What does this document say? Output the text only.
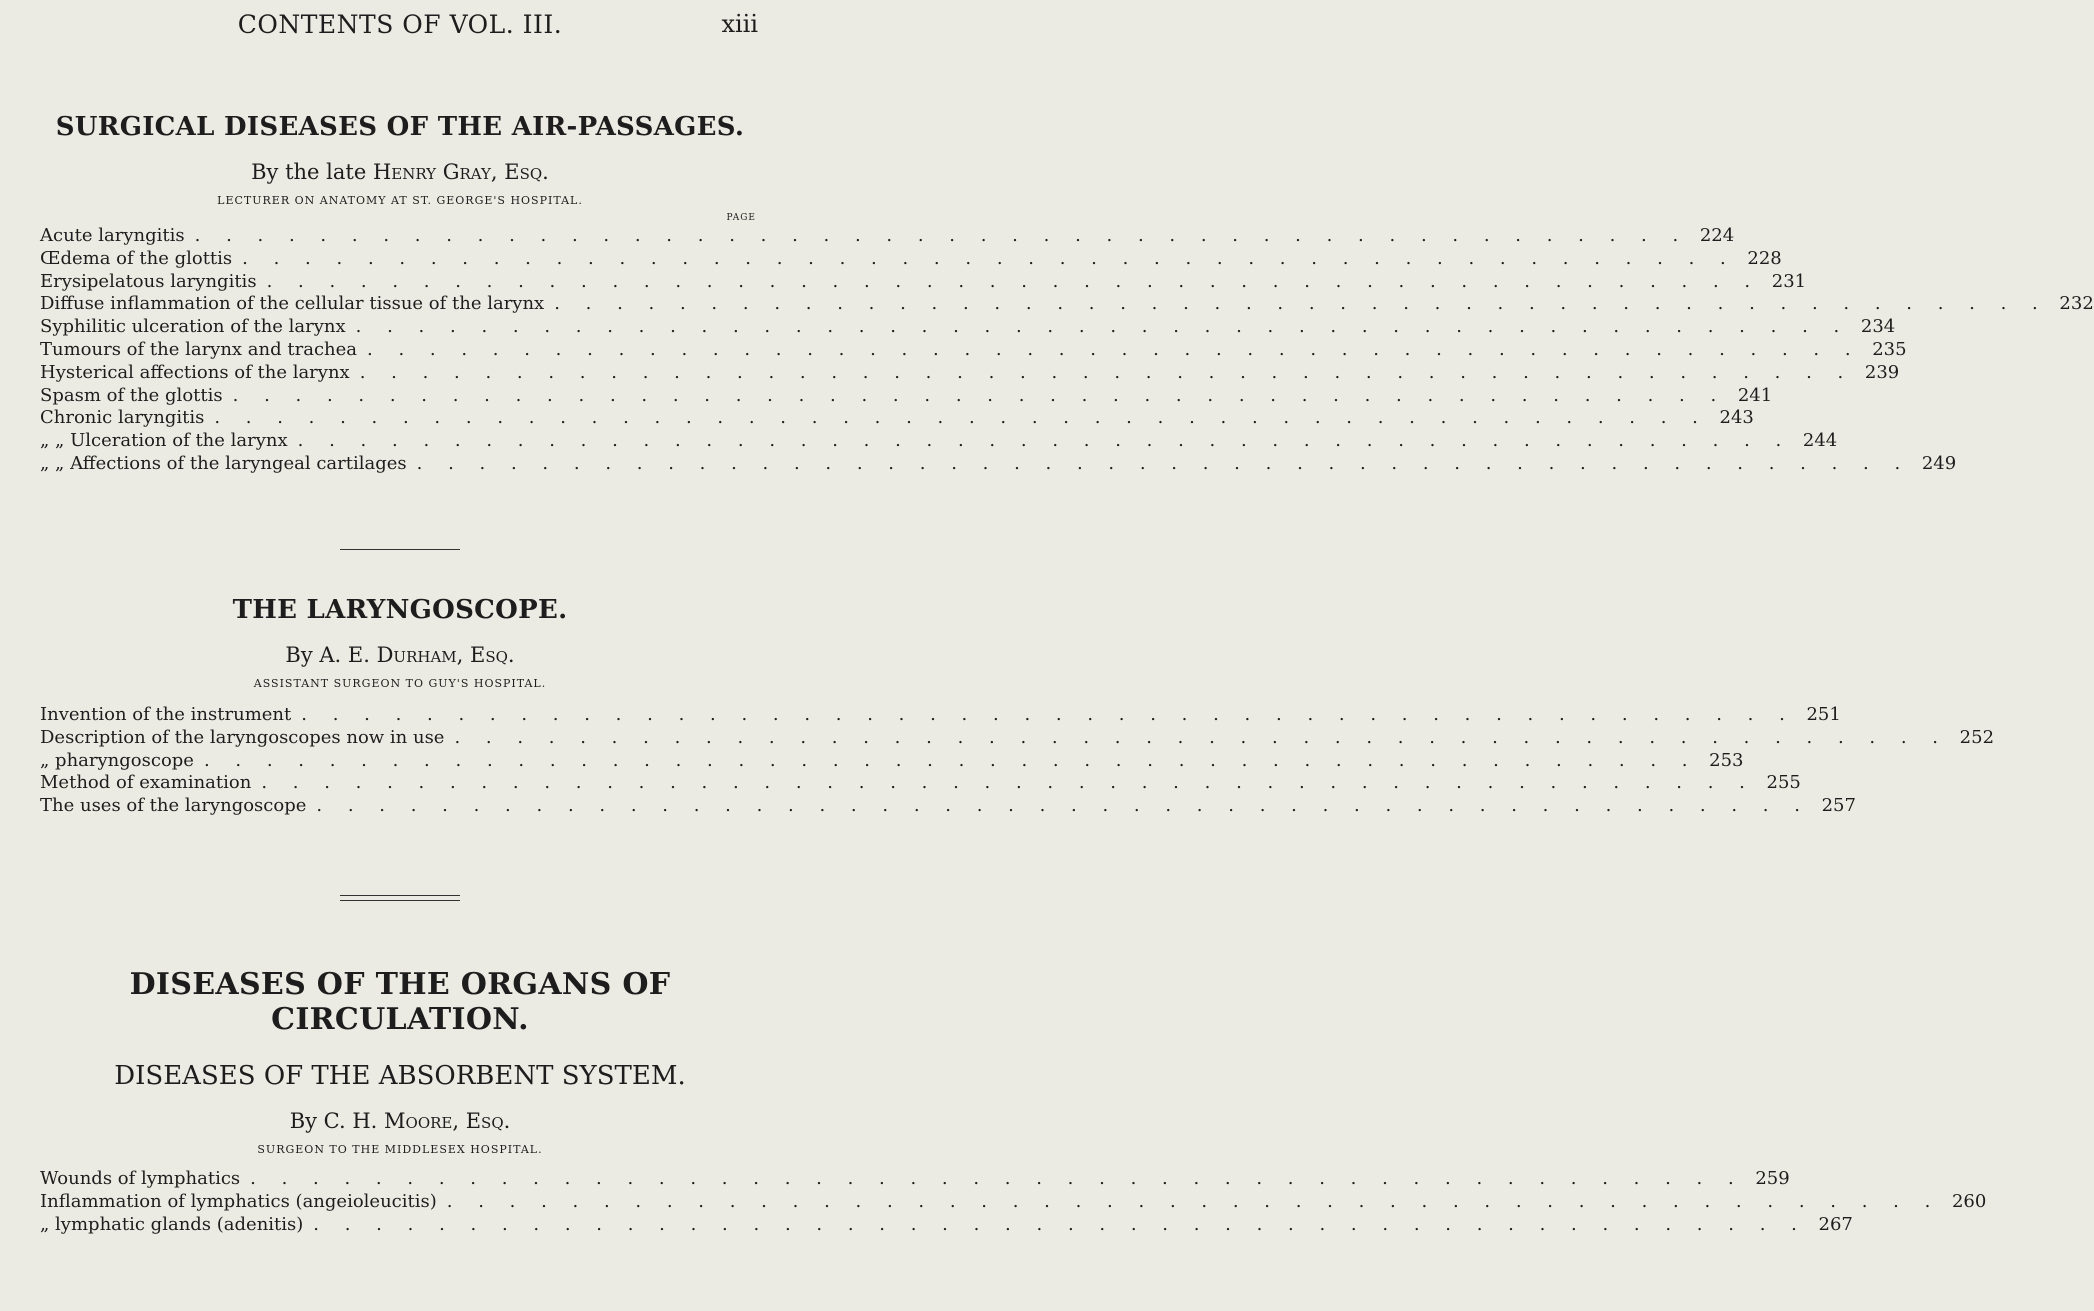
CONTENTS OF VOL. III.	xiii
SURGICAL DISEASES OF THE AIR-PASSAGES.
By the late Henry Gray, Esq.
LECTURER ON ANATOMY AT ST. GEORGE'S HOSPITAL.
PAGE
Acute laryngitis . . . . . . . . . . . . . . . . . . . . . . . . . . . . . . . . . . . . . . . . . . . . . . . . 224
Œdema of the glottis . . . . . . . . . . . . . . . . . . . . . . . . . . . . . . . . . . . . . . . . . . . . . . . . 228
Erysipelatous laryngitis . . . . . . . . . . . . . . . . . . . . . . . . . . . . . . . . . . . . . . . . . . . . . . . . 231
Diffuse inflammation of the cellular tissue of the larynx . . . . . . . . . . . . . . . . . . . . . . . . . . . . . . . . . . . . . . . . . . . . . . . . 232
Syphilitic ulceration of the larynx . . . . . . . . . . . . . . . . . . . . . . . . . . . . . . . . . . . . . . . . . . . . . . . . 234
Tumours of the larynx and trachea . . . . . . . . . . . . . . . . . . . . . . . . . . . . . . . . . . . . . . . . . . . . . . . . 235
Hysterical affections of the larynx . . . . . . . . . . . . . . . . . . . . . . . . . . . . . . . . . . . . . . . . . . . . . . . . 239
Spasm of the glottis . . . . . . . . . . . . . . . . . . . . . . . . . . . . . . . . . . . . . . . . . . . . . . . . 241
Chronic laryngitis . . . . . . . . . . . . . . . . . . . . . . . . . . . . . . . . . . . . . . . . . . . . . . . . 243
„ „ Ulceration of the larynx . . . . . . . . . . . . . . . . . . . . . . . . . . . . . . . . . . . . . . . . . . . . . . . . 244
„ „ Affections of the laryngeal cartilages . . . . . . . . . . . . . . . . . . . . . . . . . . . . . . . . . . . . . . . . . . . . . . . . 249
THE LARYNGOSCOPE.
By A. E. Durham, Esq.
ASSISTANT SURGEON TO GUY'S HOSPITAL.
Invention of the instrument . . . . . . . . . . . . . . . . . . . . . . . . . . . . . . . . . . . . . . . . . . . . . . . . 251
Description of the laryngoscopes now in use . . . . . . . . . . . . . . . . . . . . . . . . . . . . . . . . . . . . . . . . . . . . . . . . 252
„ pharyngoscope . . . . . . . . . . . . . . . . . . . . . . . . . . . . . . . . . . . . . . . . . . . . . . . . 253
Method of examination . . . . . . . . . . . . . . . . . . . . . . . . . . . . . . . . . . . . . . . . . . . . . . . . 255
The uses of the laryngoscope . . . . . . . . . . . . . . . . . . . . . . . . . . . . . . . . . . . . . . . . . . . . . . . . 257
DISEASES OF THE ORGANS OF CIRCULATION.
DISEASES OF THE ABSORBENT SYSTEM.
By C. H. Moore, Esq.
SURGEON TO THE MIDDLESEX HOSPITAL.
Wounds of lymphatics . . . . . . . . . . . . . . . . . . . . . . . . . . . . . . . . . . . . . . . . . . . . . . . . 259
Inflammation of lymphatics (angeioleucitis) . . . . . . . . . . . . . . . . . . . . . . . . . . . . . . . . . . . . . . . . . . . . . . . . 260
„ lymphatic glands (adenitis) . . . . . . . . . . . . . . . . . . . . . . . . . . . . . . . . . . . . . . . . . . . . . . . . 267
